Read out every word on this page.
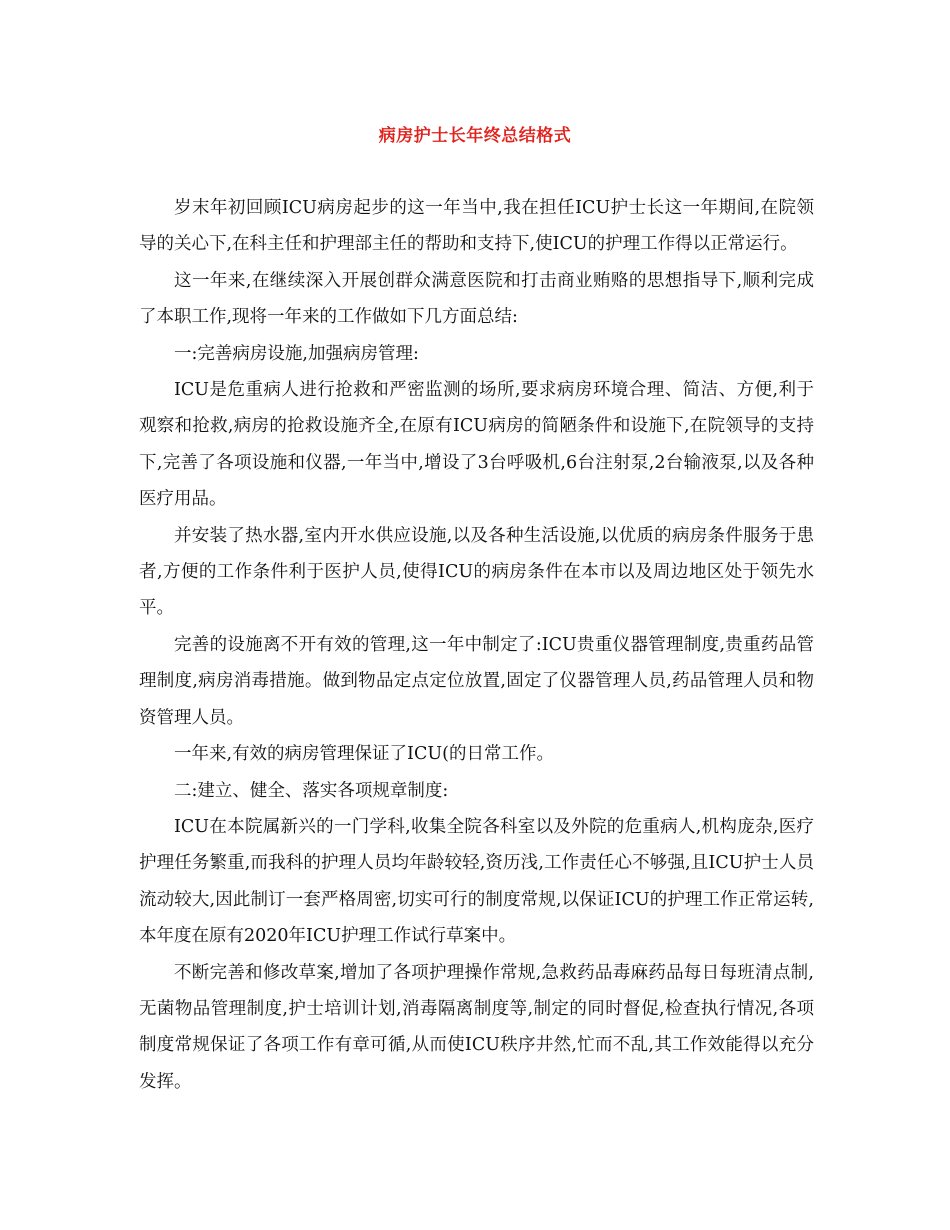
病房护士长年终总结格式

岁末年初回顾ICU病房起步的这一年当中,我在担任ICU护士长这一年期间,在院领导的关心下,在科主任和护理部主任的帮助和支持下,使ICU的护理工作得以正常运行。

这一年来,在继续深入开展创群众满意医院和打击商业贿赂的思想指导下,顺利完成了本职工作,现将一年来的工作做如下几方面总结:

一:完善病房设施,加强病房管理:

ICU是危重病人进行抢救和严密监测的场所,要求病房环境合理、简洁、方便,利于观察和抢救,病房的抢救设施齐全,在原有ICU病房的简陋条件和设施下,在院领导的支持下,完善了各项设施和仪器,一年当中,增设了3台呼吸机,6台注射泵,2台输液泵,以及各种医疗用品。

并安装了热水器,室内开水供应设施,以及各种生活设施,以优质的病房条件服务于患者,方便的工作条件利于医护人员,使得ICU的病房条件在本市以及周边地区处于领先水平。

完善的设施离不开有效的管理,这一年中制定了:ICU贵重仪器管理制度,贵重药品管理制度,病房消毒措施。做到物品定点定位放置,固定了仪器管理人员,药品管理人员和物资管理人员。

一年来,有效的病房管理保证了ICU(的日常工作。

二:建立、健全、落实各项规章制度:

ICU在本院属新兴的一门学科,收集全院各科室以及外院的危重病人,机构庞杂,医疗护理任务繁重,而我科的护理人员均年龄较轻,资历浅,工作责任心不够强,且ICU护士人员流动较大,因此制订一套严格周密,切实可行的制度常规,以保证ICU的护理工作正常运转,本年度在原有2020年ICU护理工作试行草案中。

不断完善和修改草案,增加了各项护理操作常规,急救药品毒麻药品每日每班清点制,无菌物品管理制度,护士培训计划,消毒隔离制度等,制定的同时督促,检查执行情况,各项制度常规保证了各项工作有章可循,从而使ICU秩序井然,忙而不乱,其工作效能得以充分发挥。
